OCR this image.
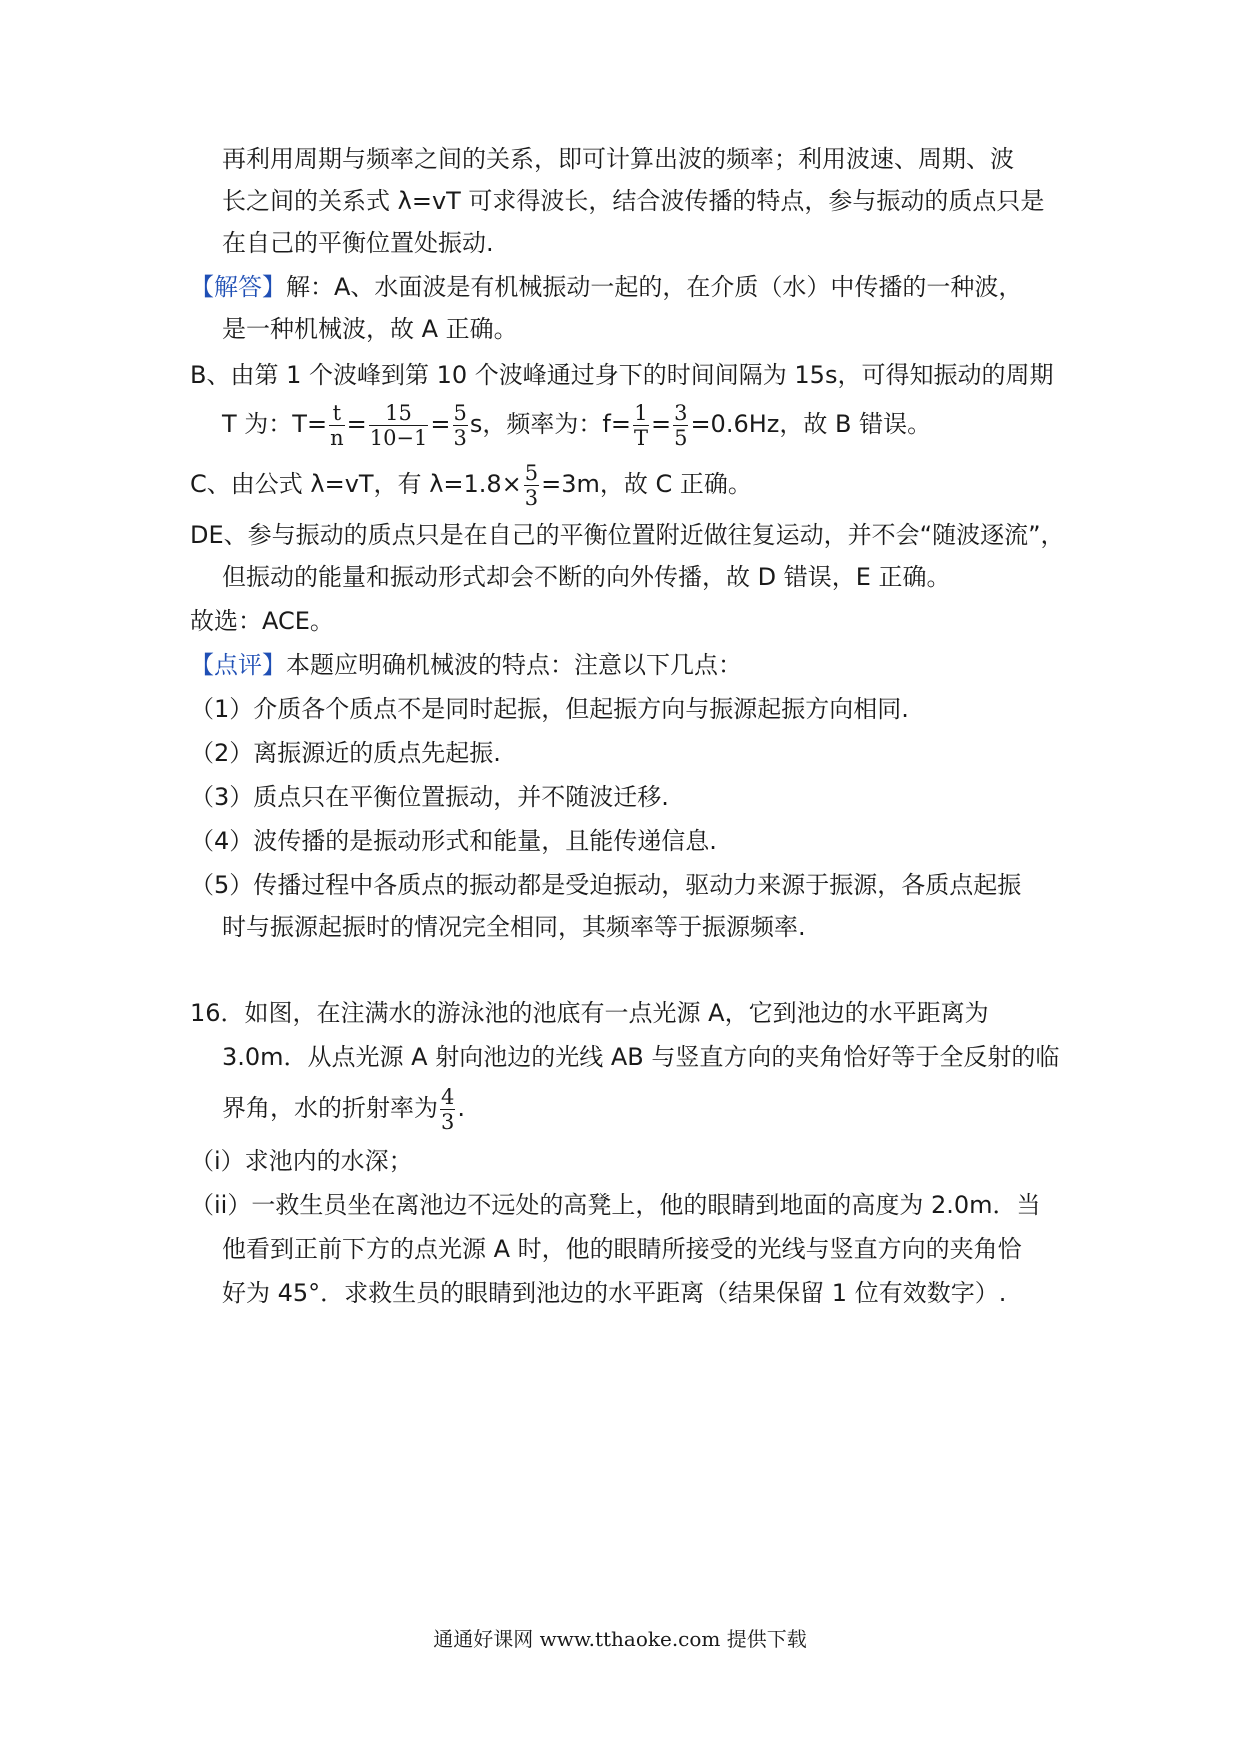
再利用周期与频率之间的关系，即可计算出波的频率；利用波速、周期、波
长之间的关系式 λ=vT 可求得波长，结合波传播的特点，参与振动的质点只是
在自己的平衡位置处振动.
【解答】解：A、水面波是有机械振动一起的，在介质（水）中传播的一种波，
是一种机械波，故 A 正确。
B、由第 1 个波峰到第 10 个波峰通过身下的时间间隔为 15s，可得知振动的周期
T 为：$T= \frac{t}{n} = \frac{15}{10-1} = \frac{5}{3}$ s，频率为：$f= \frac{1}{T} = \frac{3}{5} =0.6Hz$，故 B 错误。
C、由公式 λ=vT，有 $\lambda=1.8\times \frac{5}{3} =3m$，故 C 正确。
DE、参与振动的质点只是在自己的平衡位置附近做往复运动，并不会“随波逐流”，
但振动的能量和振动形式却会不断的向外传播，故 D 错误，E 正确。
故选：ACE。
【点评】本题应明确机械波的特点：注意以下几点：
（1）介质各个质点不是同时起振，但起振方向与振源起振方向相同.
（2）离振源近的质点先起振.
（3）质点只在平衡位置振动，并不随波迁移.
（4）波传播的是振动形式和能量，且能传递信息.
（5）传播过程中各质点的振动都是受迫振动，驱动力来源于振源，各质点起振
时与振源起振时的情况完全相同，其频率等于振源频率.
16．如图，在注满水的游泳池的池底有一点光源 A，它到池边的水平距离为
3.0m．从点光源 A 射向池边的光线 AB 与竖直方向的夹角恰好等于全反射的临
界角，水的折射率为 $\frac{4}{3}$ .
（i）求池内的水深；
（ii）一救生员坐在离池边不远处的高凳上，他的眼睛到地面的高度为 2.0m．当
他看到正前下方的点光源 A 时，他的眼睛所接受的光线与竖直方向的夹角恰
好为 45°．求救生员的眼睛到池边的水平距离（结果保留 1 位有效数字）.
通通好课网 www.tthaoke.com 提供下载
